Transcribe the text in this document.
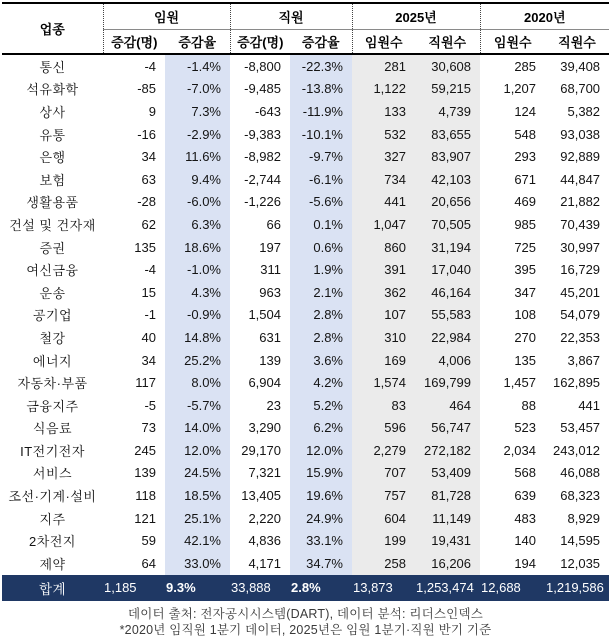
업종	임원		직원		2025년		2020년	
	증감(명)	증감율	증감(명)	증감율	임원수	직원수	임원수	직원수
통신	-4	-1.4%	-8,800	-22.3%	281	30,608	285	39,408
석유화학	-85	-7.0%	-9,485	-13.8%	1,122	59,215	1,207	68,700
상사	9	7.3%	-643	-11.9%	133	4,739	124	5,382
유통	-16	-2.9%	-9,383	-10.1%	532	83,655	548	93,038
은행	34	11.6%	-8,982	-9.7%	327	83,907	293	92,889
보험	63	9.4%	-2,744	-6.1%	734	42,103	671	44,847
생활용품	-28	-6.0%	-1,226	-5.6%	441	20,656	469	21,882
건설 및 건자재	62	6.3%	66	0.1%	1,047	70,505	985	70,439
증권	135	18.6%	197	0.6%	860	31,194	725	30,997
여신금융	-4	-1.0%	311	1.9%	391	17,040	395	16,729
운송	15	4.3%	963	2.1%	362	46,164	347	45,201
공기업	-1	-0.9%	1,504	2.8%	107	55,583	108	54,079
철강	40	14.8%	631	2.8%	310	22,984	270	22,353
에너지	34	25.2%	139	3.6%	169	4,006	135	3,867
자동차·부품	117	8.0%	6,904	4.2%	1,574	169,799	1,457	162,895
금융지주	-5	-5.7%	23	5.2%	83	464	88	441
식음료	73	14.0%	3,290	6.2%	596	56,747	523	53,457
IT전기전자	245	12.0%	29,170	12.0%	2,279	272,182	2,034	243,012
서비스	139	24.5%	7,321	15.9%	707	53,409	568	46,088
조선·기계·설비	118	18.5%	13,405	19.6%	757	81,728	639	68,323
지주	121	25.1%	2,220	24.9%	604	11,149	483	8,929
2차전지	59	42.1%	4,836	33.1%	199	19,431	140	14,595
제약	64	33.0%	4,171	34.7%	258	16,206	194	12,035
합계	1,185	9.3%	33,888	2.8%	13,873	1,253,474	12,688	1,219,586
데이터 출처: 전자공시시스템(DART), 데이터 분석: 리더스인덱스
*2020년 임직원 1분기 데이터, 2025년은 임원 1분기·직원 반기 기준
